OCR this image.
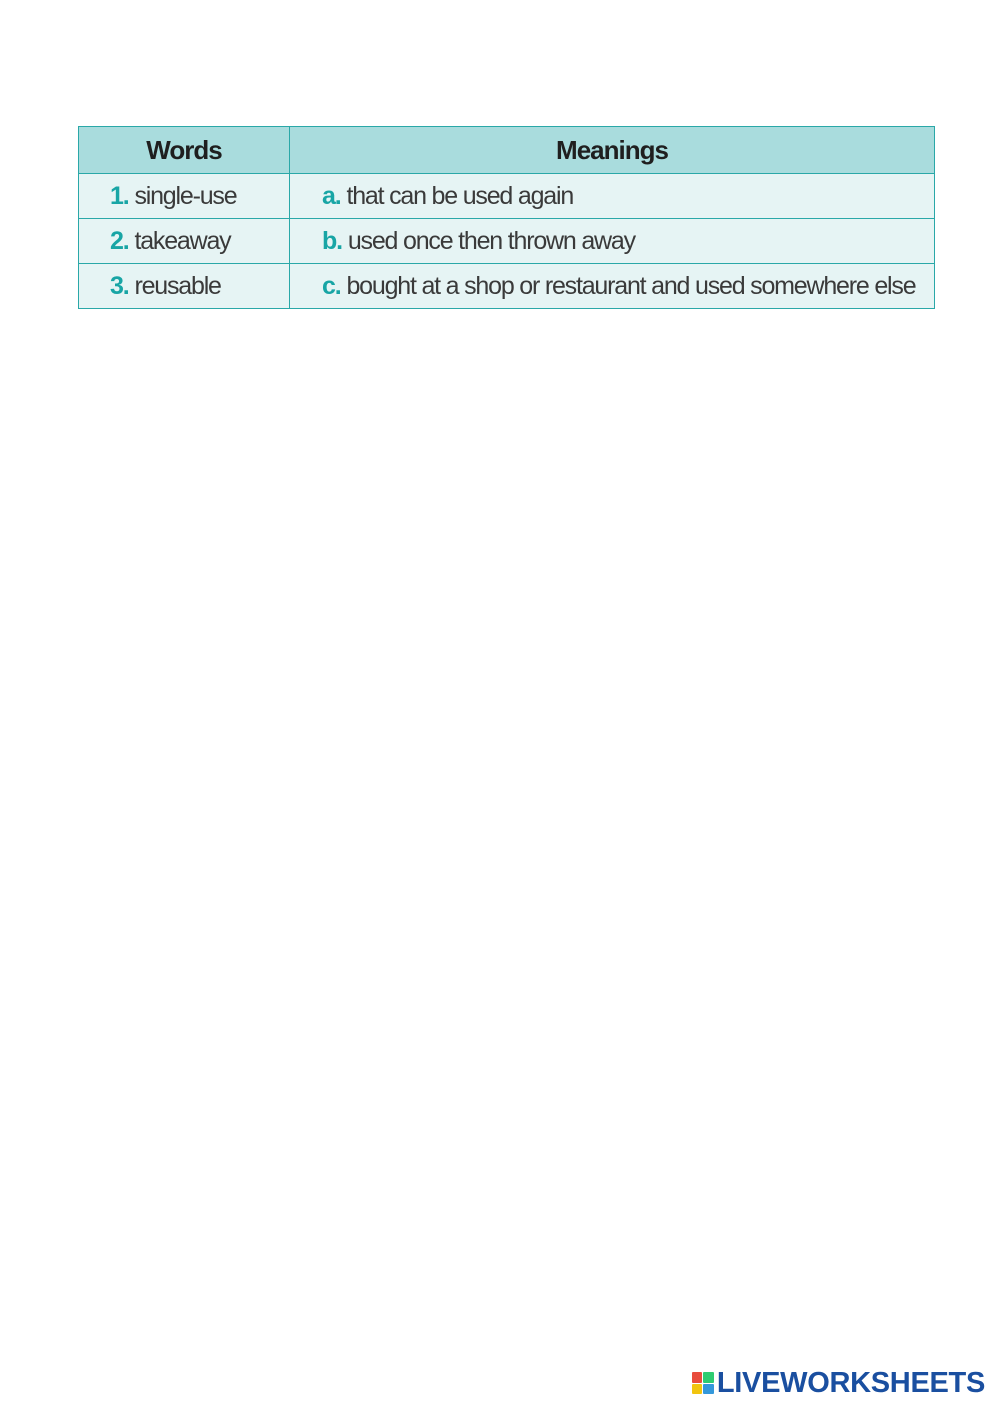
Words	Meanings
1. single-use	a. that can be used again
2. takeaway	b. used once then thrown away
3. reusable	c. bought at a shop or restaurant and used somewhere else
LIVEWORKSHEETS
